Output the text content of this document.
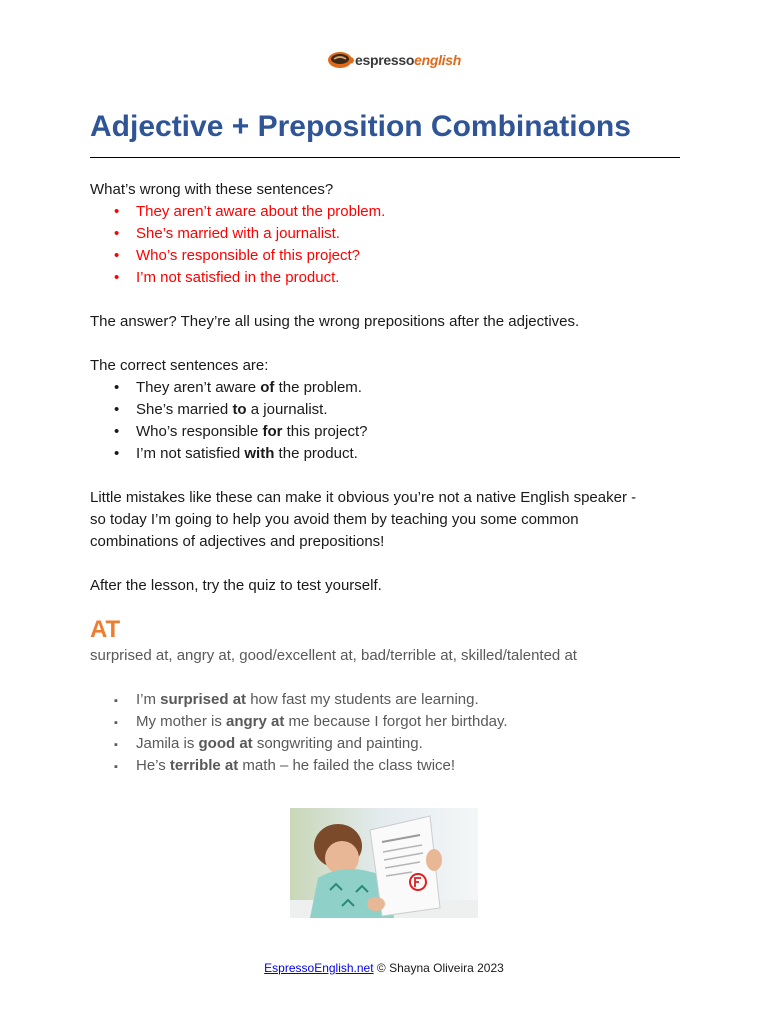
espressoenglish
Adjective + Preposition Combinations

What’s wrong with these sentences?

• They aren’t aware about the problem.
• She’s married with a journalist.
• Who’s responsible of this project?
• I’m not satisfied in the product.

The answer? They’re all using the wrong prepositions after the adjectives.

The correct sentences are:

• They aren’t aware of the problem.
• She’s married to a journalist.
• Who’s responsible for this project?
• I’m not satisfied with the product.

Little mistakes like these can make it obvious you’re not a native English speaker -
so today I’m going to help you avoid them by teaching you some common
combinations of adjectives and prepositions!

After the lesson, try the quiz to test yourself.

AT

surprised at, angry at, good/excellent at, bad/terrible at, skilled/talented at

▪ I’m surprised at how fast my students are learning.
▪ My mother is angry at me because I forgot her birthday.
▪ Jamila is good at songwriting and painting.
▪ He’s terrible at math – he failed the class twice!
EspressoEnglish.net © Shayna Oliveira 2023
